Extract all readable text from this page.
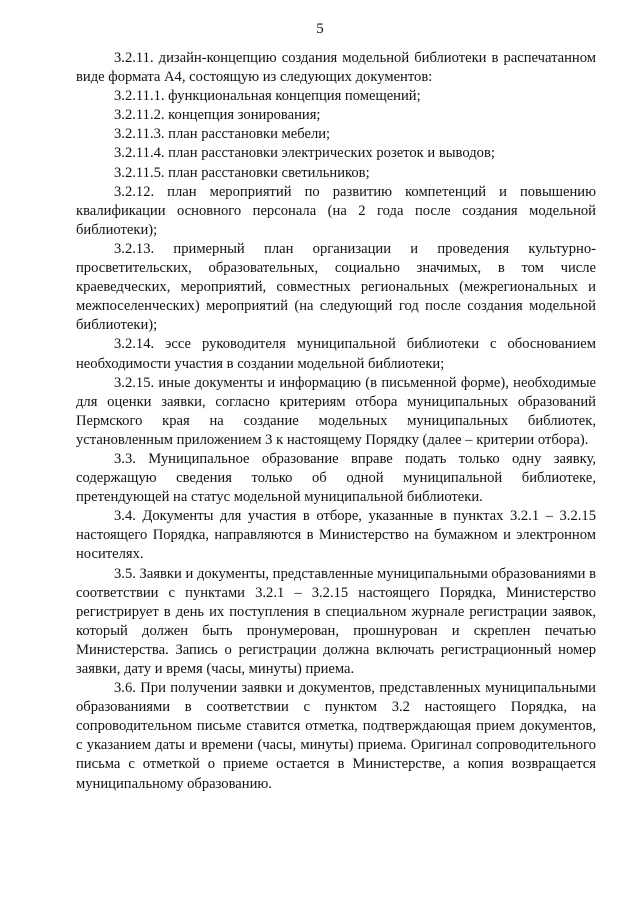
5

3.2.11. дизайн-концепцию создания модельной библиотеки в распечатанном виде формата А4, состоящую из следующих документов:

3.2.11.1. функциональная концепция помещений;

3.2.11.2. концепция зонирования;

3.2.11.3. план расстановки мебели;

3.2.11.4. план расстановки электрических розеток и выводов;

3.2.11.5. план расстановки светильников;

3.2.12. план мероприятий по развитию компетенций и повышению квалификации основного персонала (на 2 года после создания модельной библиотеки);

3.2.13. примерный план организации и проведения культурно-просветительских, образовательных, социально значимых, в том числе краеведческих, мероприятий, совместных региональных (межрегиональных и межпоселенческих) мероприятий (на следующий год после создания модельной библиотеки);

3.2.14. эссе руководителя муниципальной библиотеки с обоснованием необходимости участия в создании модельной библиотеки;

3.2.15. иные документы и информацию (в письменной форме), необходимые для оценки заявки, согласно критериям отбора муниципальных образований Пермского края на создание модельных муниципальных библиотек, установленным приложением 3 к настоящему Порядку (далее – критерии отбора).

3.3. Муниципальное образование вправе подать только одну заявку, содержащую сведения только об одной муниципальной библиотеке, претендующей на статус модельной муниципальной библиотеки.

3.4. Документы для участия в отборе, указанные в пунктах 3.2.1 – 3.2.15 настоящего Порядка, направляются в Министерство на бумажном и электронном носителях.

3.5. Заявки и документы, представленные муниципальными образованиями в соответствии с пунктами 3.2.1 – 3.2.15 настоящего Порядка, Министерство регистрирует в день их поступления в специальном журнале регистрации заявок, который должен быть пронумерован, прошнурован и скреплен печатью Министерства. Запись о регистрации должна включать регистрационный номер заявки, дату и время (часы, минуты) приема.

3.6. При получении заявки и документов, представленных муниципальными образованиями в соответствии с пунктом 3.2 настоящего Порядка, на сопроводительном письме ставится отметка, подтверждающая прием документов, с указанием даты и времени (часы, минуты) приема. Оригинал сопроводительного письма с отметкой о приеме остается в Министерстве, а копия возвращается муниципальному образованию.
